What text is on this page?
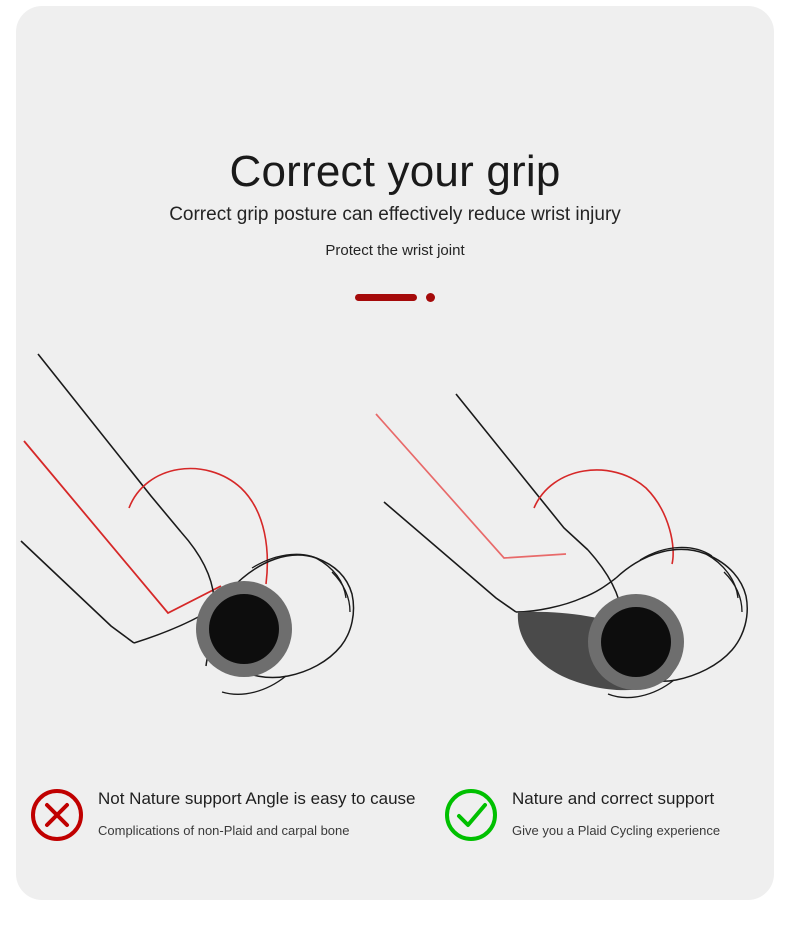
Correct your grip
Correct grip posture can effectively reduce wrist injury
Protect the wrist joint
Not Nature support Angle is easy to cause
Complications of non-Plaid and carpal bone
Nature and correct support
Give you a Plaid Cycling experience
